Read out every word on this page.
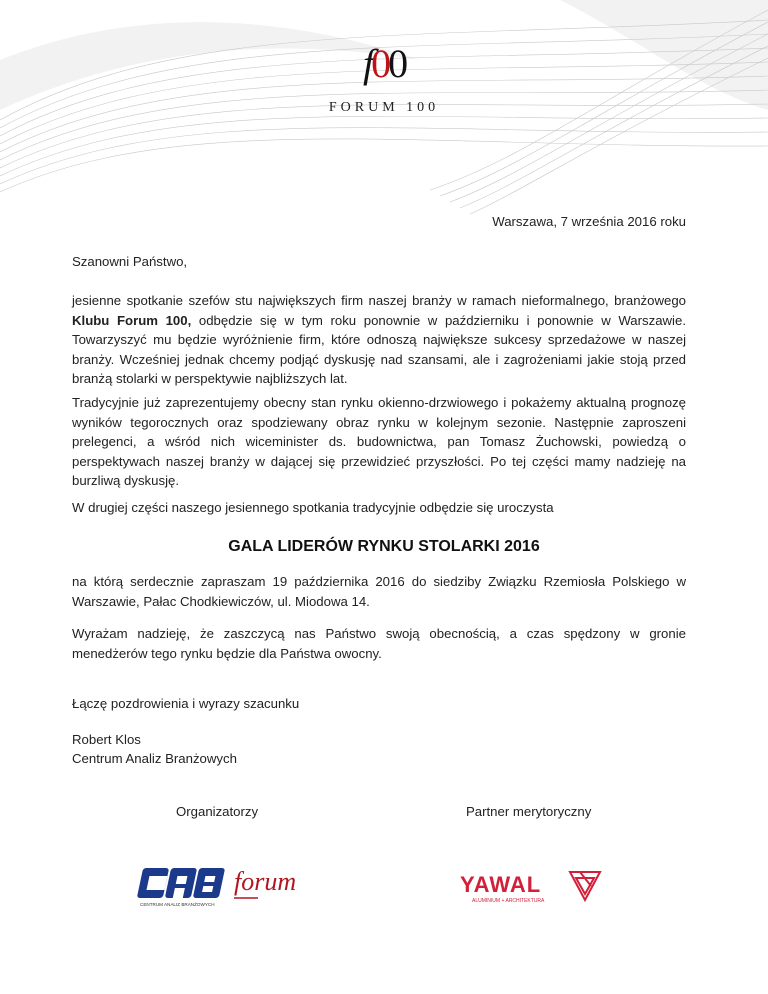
f00
FORUM 100
Warszawa, 7 września 2016 roku
Szanowni Państwo,
jesienne spotkanie szefów stu największych firm naszej branży w ramach nieformalnego, branżowego Klubu Forum 100, odbędzie się w tym roku ponownie w październiku i ponownie w Warszawie. Towarzyszyć mu będzie wyróżnienie firm, które odnoszą największe sukcesy sprzedażowe w naszej branży. Wcześniej jednak chcemy podjąć dyskusję nad szansami, ale i zagrożeniami jakie stoją przed branżą stolarki w perspektywie najbliższych lat.
Tradycyjnie już zaprezentujemy obecny stan rynku okienno-drzwiowego i pokażemy aktualną prognozę wyników tegorocznych oraz spodziewany obraz rynku w kolejnym sezonie. Następnie zaproszeni prelegenci, a wśród nich wiceminister ds. budownictwa, pan Tomasz Żuchowski, powiedzą o perspektywach naszej branży w dającej się przewidzieć przyszłości. Po tej części mamy nadzieję na burzliwą dyskusję.
W drugiej części naszego jesiennego spotkania tradycyjnie odbędzie się uroczysta
GALA LIDERÓW RYNKU STOLARKI 2016
na którą serdecznie zapraszam 19 października 2016 do siedziby Związku Rzemiosła Polskiego w Warszawie, Pałac Chodkiewiczów, ul. Miodowa 14.
Wyrażam nadzieję, że zaszczycą nas Państwo swoją obecnością, a czas spędzony w gronie menedżerów tego rynku będzie dla Państwa owocny.
Łączę pozdrowienia i wyrazy szacunku
Robert Klos
Centrum Analiz Branżowych
Organizatorzy	Partner merytoryczny
CENTRUM ANALIZ BRANŻOWYCH
forum	YAWAL
ALUMINIUM + ARCHITEKTURA
